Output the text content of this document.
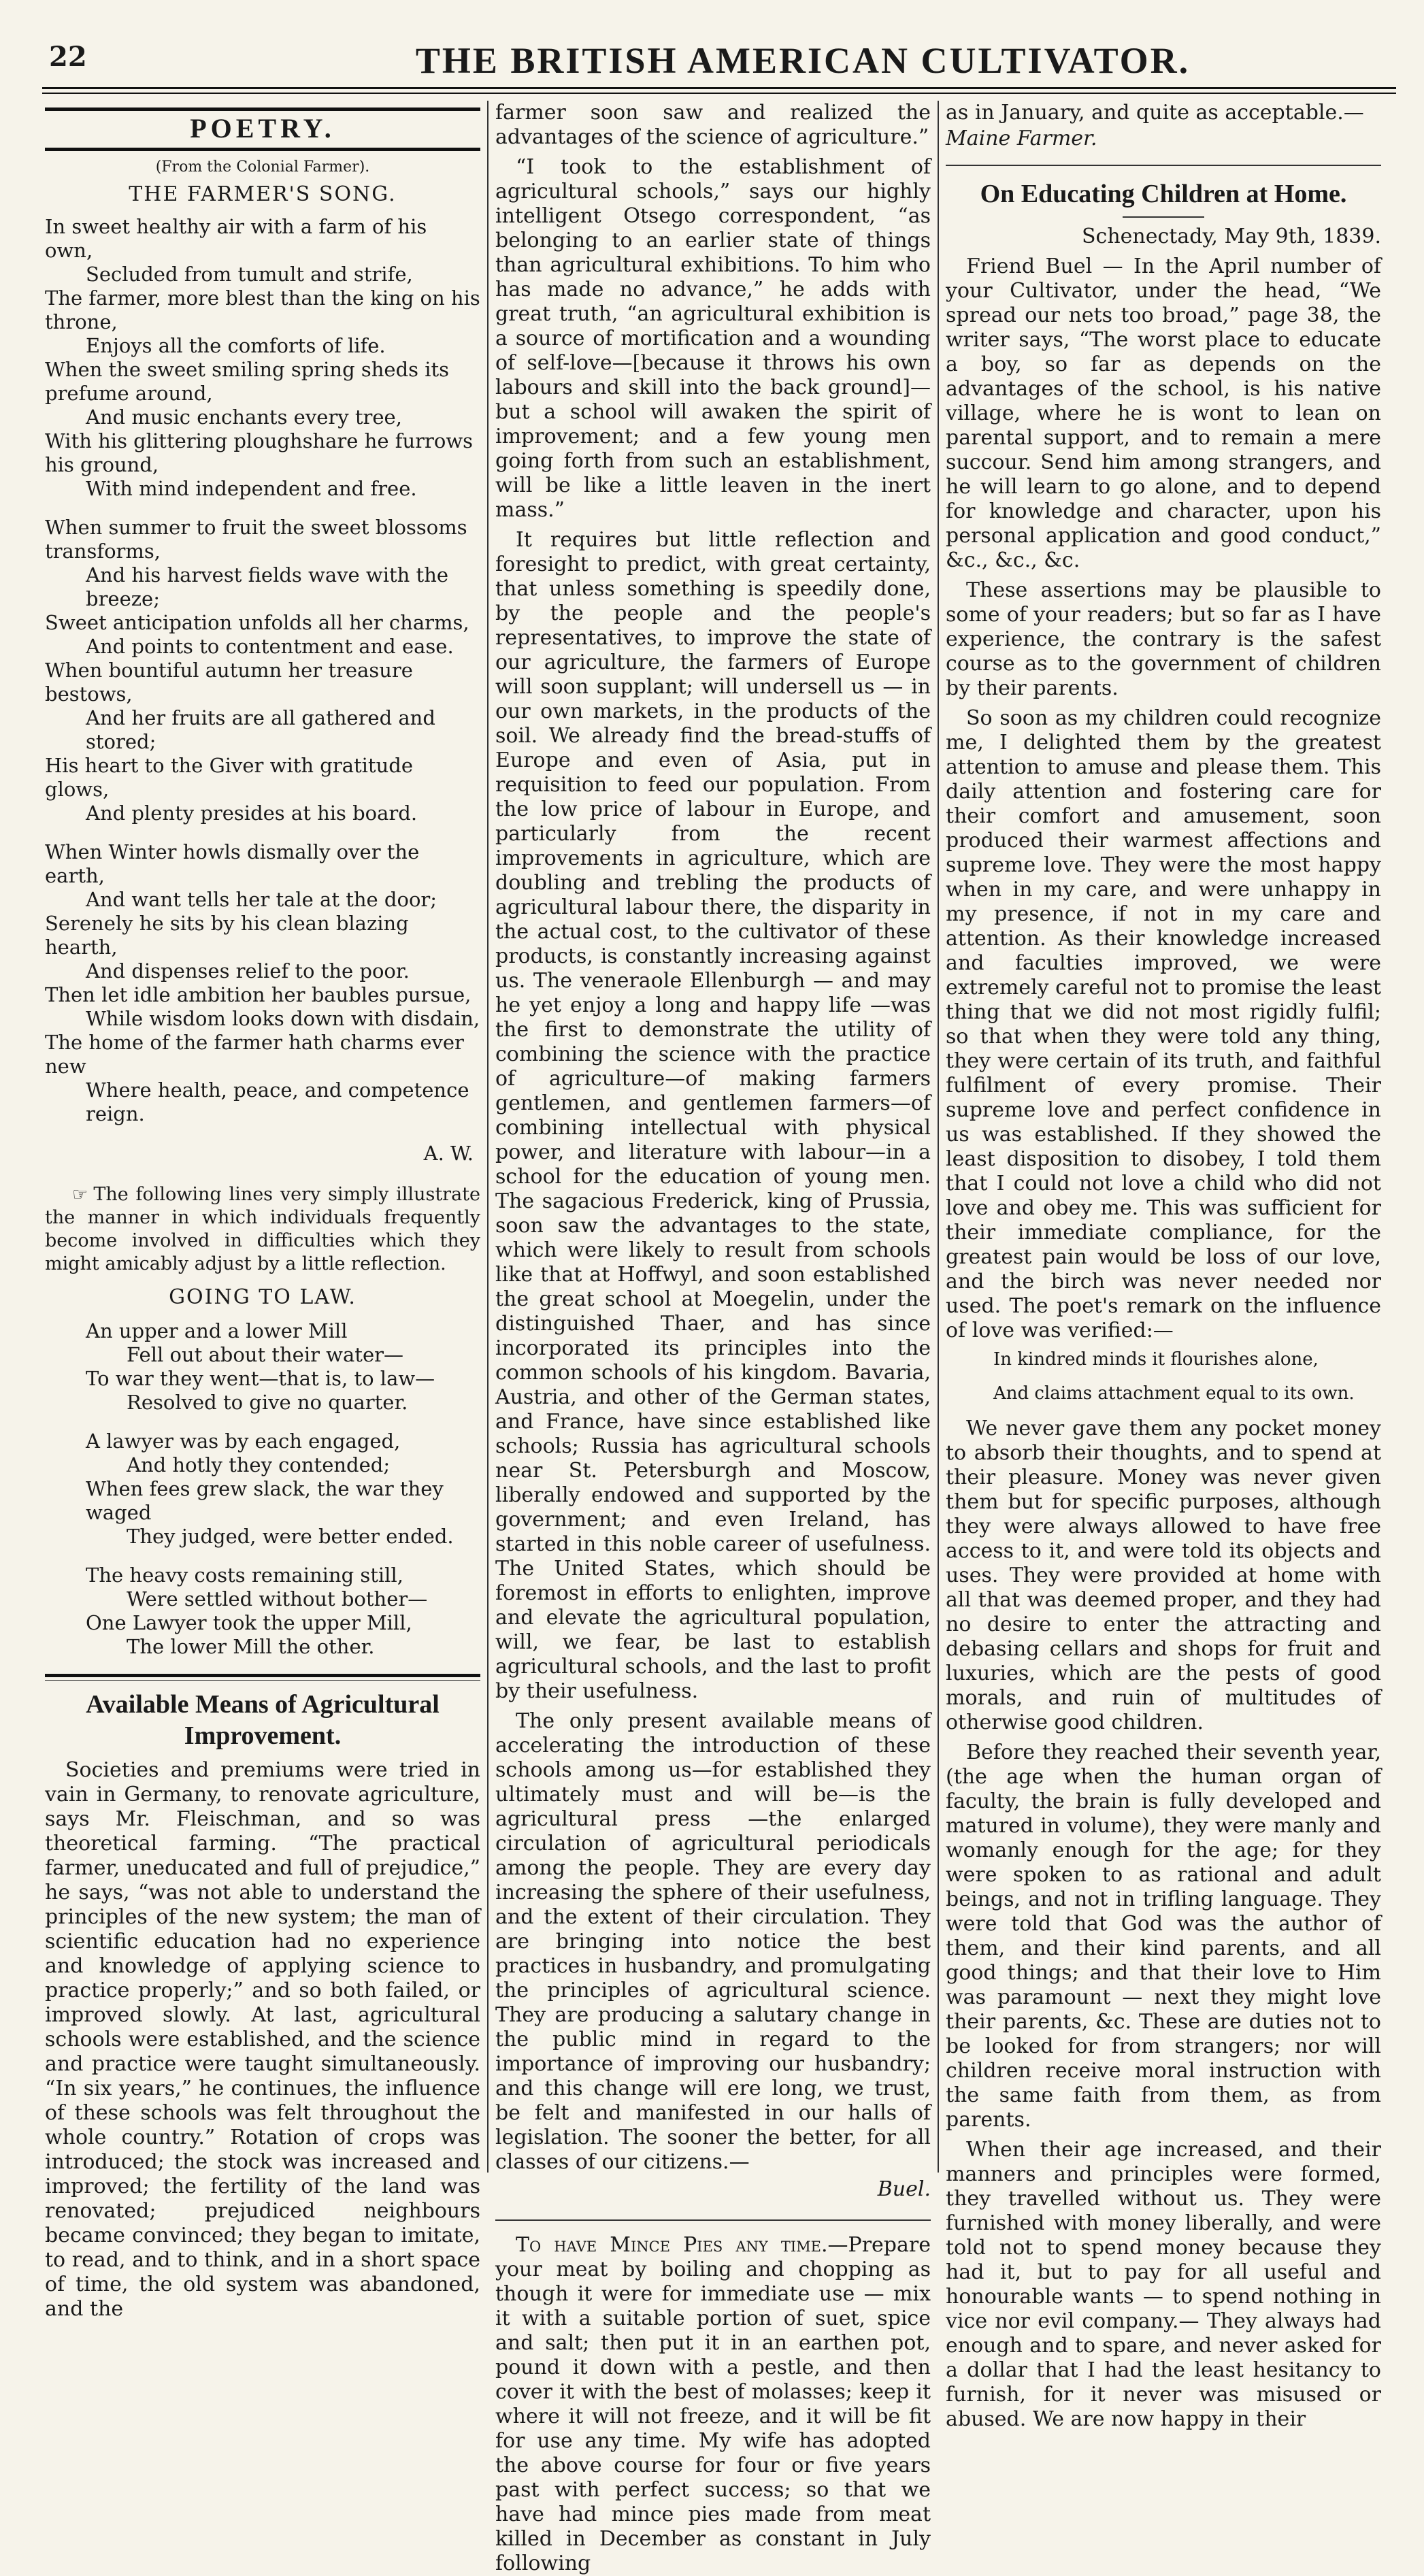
22	THE BRITISH AMERICAN CULTIVATOR.
POETRY.
(From the Colonial Farmer).
THE FARMER'S SONG.
In sweet healthy air with a farm of his own,
Secluded from tumult and strife,
The farmer, more blest than the king on his throne,
Enjoys all the comforts of life.
When the sweet smiling spring sheds its prefume around,
And music enchants every tree,
With his glittering ploughshare he furrows his ground,
With mind independent and free.
When summer to fruit the sweet blossoms transforms,
And his harvest fields wave with the breeze;
Sweet anticipation unfolds all her charms,
And points to contentment and ease.
When bountiful autumn her treasure bestows,
And her fruits are all gathered and stored;
His heart to the Giver with gratitude glows,
And plenty presides at his board.
When Winter howls dismally over the earth,
And want tells her tale at the door;
Serenely he sits by his clean blazing hearth,
And dispenses relief to the poor.
Then let idle ambition her baubles pursue,
While wisdom looks down with disdain,
The home of the farmer hath charms ever new
Where health, peace, and competence reign.
A. W.

☞ The following lines very simply illustrate the manner in which individuals frequently become involved in difficulties which they might amicably adjust by a little reflection.

GOING TO LAW.
An upper and a lower Mill
Fell out about their water—
To war they went—that is, to law—
Resolved to give no quarter.
A lawyer was by each engaged,
And hotly they contended;
When fees grew slack, the war they waged
They judged, were better ended.
The heavy costs remaining still,
Were settled without bother—
One Lawyer took the upper Mill,
The lower Mill the other.
Available Means of Agricultural Improvement.

Societies and premiums were tried in vain in Germany, to renovate agriculture, says Mr. Fleischman, and so was theoretical farming. “The practical farmer, uneducated and full of prejudice,” he says, “was not able to understand the principles of the new system; the man of scientific education had no experience and knowledge of applying science to practice properly;” and so both failed, or improved slowly. At last, agricultural schools were established, and the science and practice were taught simultaneously. “In six years,” he continues, the influence of these schools was felt throughout the whole country.” Rotation of crops was introduced; the stock was increased and improved; the fertility of the land was renovated; prejudiced neighbours became convinced; they began to imitate, to read, and to think, and in a short space of time, the old system was abandoned, and the

farmer soon saw and realized the advantages of the science of agriculture.”

“I took to the establishment of agricultural schools,” says our highly intelligent Otsego correspondent, “as belonging to an earlier state of things than agricultural exhibitions. To him who has made no advance,” he adds with great truth, “an agricultural exhibition is a source of mortification and a wounding of self-love—[because it throws his own labours and skill into the back ground]—but a school will awaken the spirit of improvement; and a few young men going forth from such an establishment, will be like a little leaven in the inert mass.”

It requires but little reflection and foresight to predict, with great certainty, that unless something is speedily done, by the people and the people's representatives, to improve the state of our agriculture, the farmers of Europe will soon supplant; will undersell us — in our own markets, in the products of the soil. We already find the bread-stuffs of Europe and even of Asia, put in requisition to feed our population. From the low price of labour in Europe, and particularly from the recent improvements in agriculture, which are doubling and trebling the products of agricultural labour there, the disparity in the actual cost, to the cultivator of these products, is constantly increasing against us. The veneraole Ellenburgh — and may he yet enjoy a long and happy life —was the first to demonstrate the utility of combining the science with the practice of agriculture—of making farmers gentlemen, and gentlemen farmers—of combining intellectual with physical power, and literature with labour—in a school for the education of young men. The sagacious Frederick, king of Prussia, soon saw the advantages to the state, which were likely to result from schools like that at Hoffwyl, and soon established the great school at Moegelin, under the distinguished Thaer, and has since incorporated its principles into the common schools of his kingdom. Bavaria, Austria, and other of the German states, and France, have since established like schools; Russia has agricultural schools near St. Petersburgh and Moscow, liberally endowed and supported by the government; and even Ireland, has started in this noble career of usefulness. The United States, which should be foremost in efforts to enlighten, improve and elevate the agricultural population, will, we fear, be last to establish agricultural schools, and the last to profit by their usefulness.

The only present available means of accelerating the introduction of these schools among us—for established they ultimately must and will be—is the agricultural press —the enlarged circulation of agricultural periodicals among the people. They are every day increasing the sphere of their usefulness, and the extent of their circulation. They are bringing into notice the best practices in husbandry, and promulgating the principles of agricultural science. They are producing a salutary change in the public mind in regard to the importance of improving our husbandry; and this change will ere long, we trust, be felt and manifested in our halls of legislation. The sooner the better, for all classes of our citizens.—

Buel.

To have Mince Pies any time.—Prepare your meat by boiling and chopping as though it were for immediate use — mix it with a suitable portion of suet, spice and salt; then put it in an earthen pot, pound it down with a pestle, and then cover it with the best of molasses; keep it where it will not freeze, and it will be fit for use any time. My wife has adopted the above course for four or five years past with perfect success; so that we have had mince pies made from meat killed in December as constant in July following

as in January, and quite as acceptable.—

Maine Farmer.
On Educating Children at Home.
Schenectady, May 9th, 1839.

Friend Buel — In the April number of your Cultivator, under the head, “We spread our nets too broad,” page 38, the writer says, “The worst place to educate a boy, so far as depends on the advantages of the school, is his native village, where he is wont to lean on parental support, and to remain a mere succour. Send him among strangers, and he will learn to go alone, and to depend for knowledge and character, upon his personal application and good conduct,” &c., &c., &c.

These assertions may be plausible to some of your readers; but so far as I have experience, the contrary is the safest course as to the government of children by their parents.

So soon as my children could recognize me, I delighted them by the greatest attention to amuse and please them. This daily attention and fostering care for their comfort and amusement, soon produced their warmest affections and supreme love. They were the most happy when in my care, and were unhappy in my presence, if not in my care and attention. As their knowledge increased and faculties improved, we were extremely careful not to promise the least thing that we did not most rigidly fulfil; so that when they were told any thing, they were certain of its truth, and faithful fulfilment of every promise. Their supreme love and perfect confidence in us was established. If they showed the least disposition to disobey, I told them that I could not love a child who did not love and obey me. This was sufficient for their immediate compliance, for the greatest pain would be loss of our love, and the birch was never needed nor used. The poet's remark on the influence of love was verified:—

In kindred minds it flourishes alone,
And claims attachment equal to its own.

We never gave them any pocket money to absorb their thoughts, and to spend at their pleasure. Money was never given them but for specific purposes, although they were always allowed to have free access to it, and were told its objects and uses. They were provided at home with all that was deemed proper, and they had no desire to enter the attracting and debasing cellars and shops for fruit and luxuries, which are the pests of good morals, and ruin of multitudes of otherwise good children.

Before they reached their seventh year, (the age when the human organ of faculty, the brain is fully developed and matured in volume), they were manly and womanly enough for the age; for they were spoken to as rational and adult beings, and not in trifling language. They were told that God was the author of them, and their kind parents, and all good things; and that their love to Him was paramount — next they might love their parents, &c. These are duties not to be looked for from strangers; nor will children receive moral instruction with the same faith from them, as from parents.

When their age increased, and their manners and principles were formed, they travelled without us. They were furnished with money liberally, and were told not to spend money because they had it, but to pay for all useful and honourable wants — to spend nothing in vice nor evil company.— They always had enough and to spare, and never asked for a dollar that I had the least hesitancy to furnish, for it never was misused or abused. We are now happy in their
